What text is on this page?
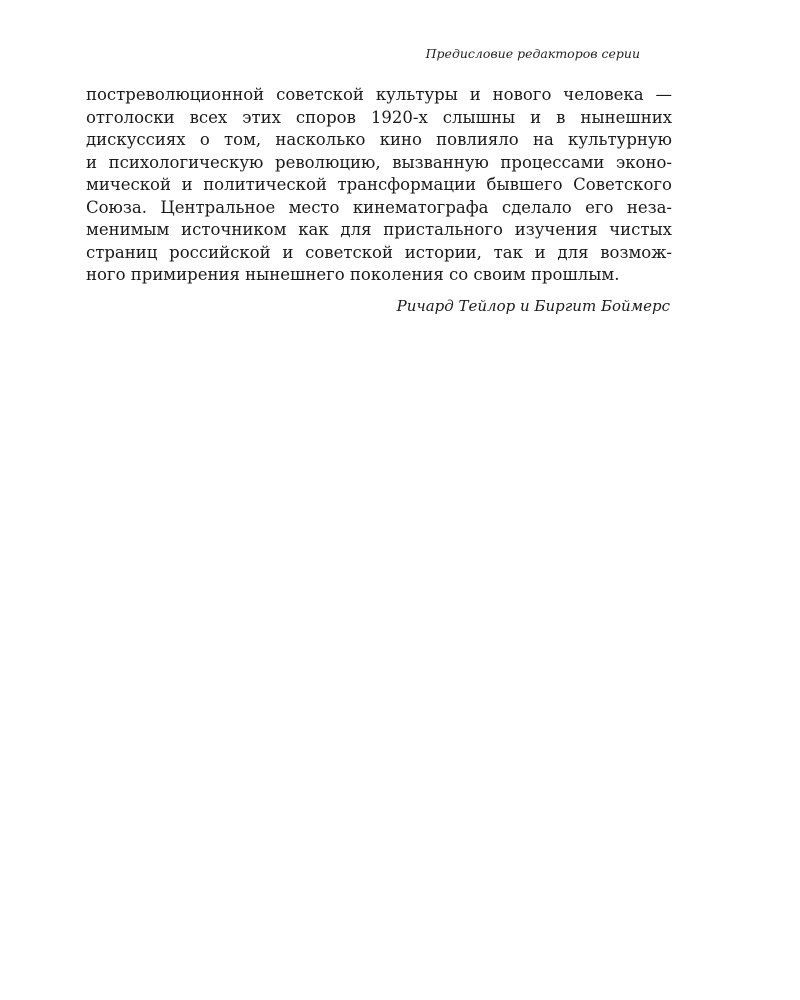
Предисловие редакторов серии
постреволюционной советской культуры и нового человека —
отголоски всех этих споров 1920-х слышны и в нынешних
дискуссиях о том, насколько кино повлияло на культурную
и психологическую революцию, вызванную процессами эконо-
мической и политической трансформации бывшего Советского
Союза. Центральное место кинематографа сделало его неза-
менимым источником как для пристального изучения чистых
страниц российской и советской истории, так и для возмож-
ного примирения нынешнего поколения со своим прошлым.
Ричард Тейлор и Биргит Боймерс
